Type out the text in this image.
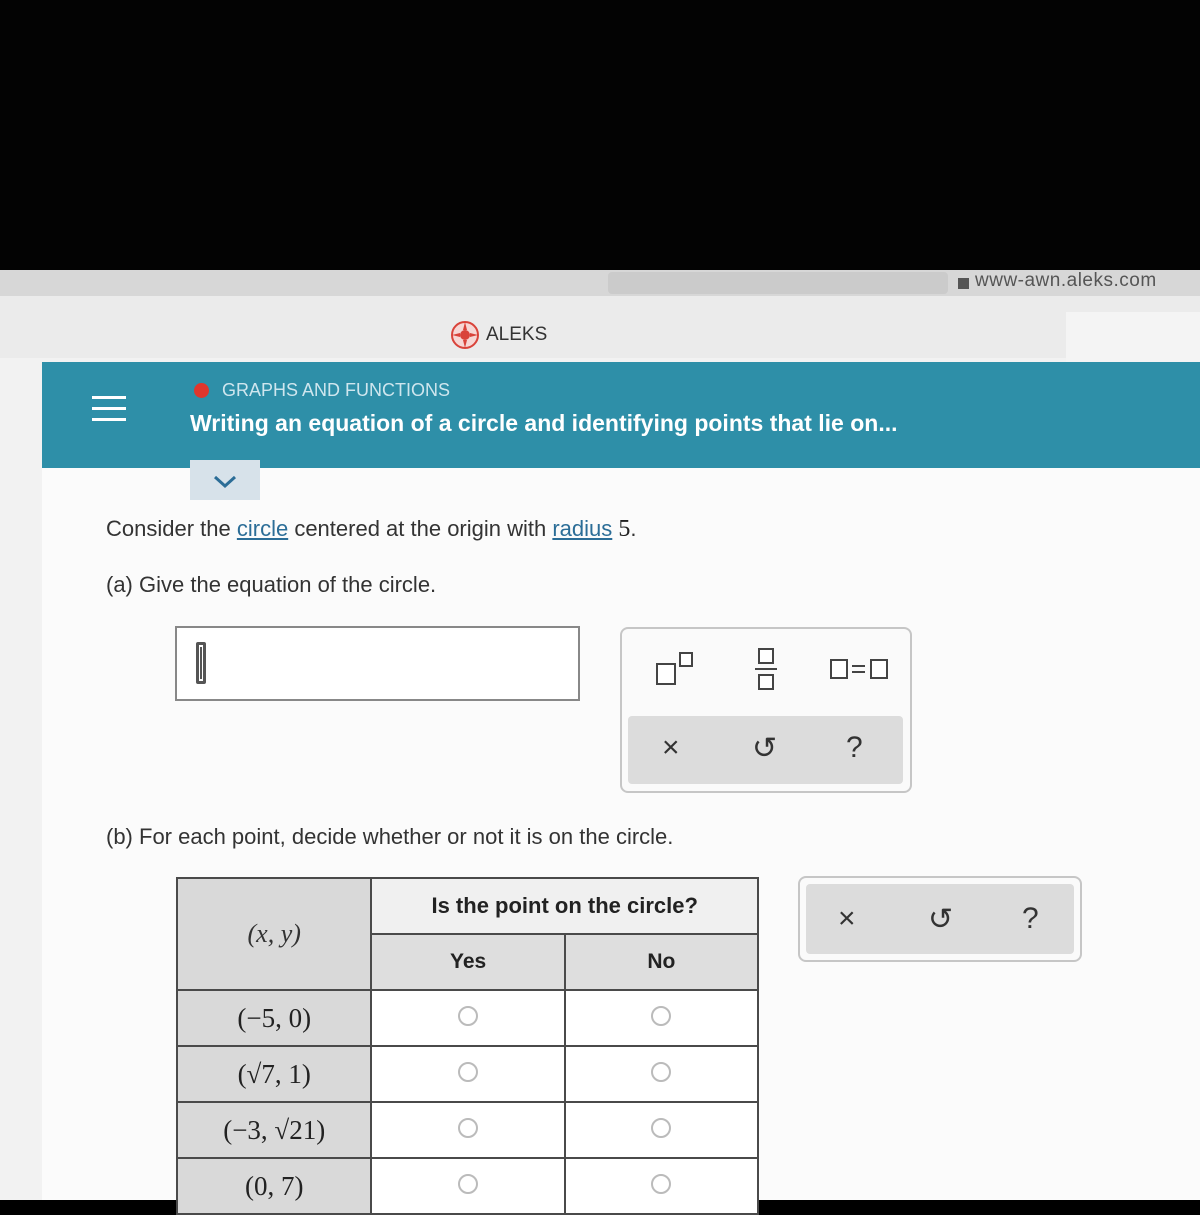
www-awn.aleks.com
ALEKS
GRAPHS AND FUNCTIONS
Writing an equation of a circle and identifying points that lie on...
Consider the circle centered at the origin with radius 5.
(a) Give the equation of the circle.
× ↺ ?
(b) For each point, decide whether or not it is on the circle.
(x, y)	Is the point on the circle?	
	Yes	No
(−5, 0)		
(√7, 1)		
(−3, √21)		
(0, 7)		
× ↺ ?
